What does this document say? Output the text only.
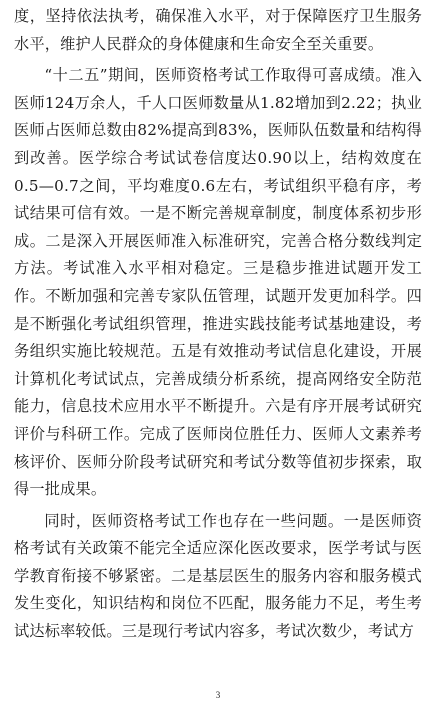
度，坚持依法执考，确保准入水平，对于保障医疗卫生服务水平，维护人民群众的身体健康和生命安全至关重要。

“十二五”期间，医师资格考试工作取得可喜成绩。准入医师124万余人，千人口医师数量从1.82增加到2.22；执业医师占医师总数由82%提高到83%，医师队伍数量和结构得到改善。医学综合考试试卷信度达0.90以上，结构效度在0.5—0.7之间，平均难度0.6左右，考试组织平稳有序，考试结果可信有效。一是不断完善规章制度，制度体系初步形成。二是深入开展医师准入标准研究，完善合格分数线判定方法。考试准入水平相对稳定。三是稳步推进试题开发工作。不断加强和完善专家队伍管理，试题开发更加科学。四是不断强化考试组织管理，推进实践技能考试基地建设，考务组织实施比较规范。五是有效推动考试信息化建设，开展计算机化考试试点，完善成绩分析系统，提高网络安全防范能力，信息技术应用水平不断提升。六是有序开展考试研究评价与科研工作。完成了医师岗位胜任力、医师人文素养考核评价、医师分阶段考试研究和考试分数等值初步探索，取得一批成果。

同时，医师资格考试工作也存在一些问题。一是医师资格考试有关政策不能完全适应深化医改要求，医学考试与医学教育衔接不够紧密。二是基层医生的服务内容和服务模式发生变化，知识结构和岗位不匹配，服务能力不足，考生考试达标率较低。三是现行考试内容多，考试次数少，考试方

3
